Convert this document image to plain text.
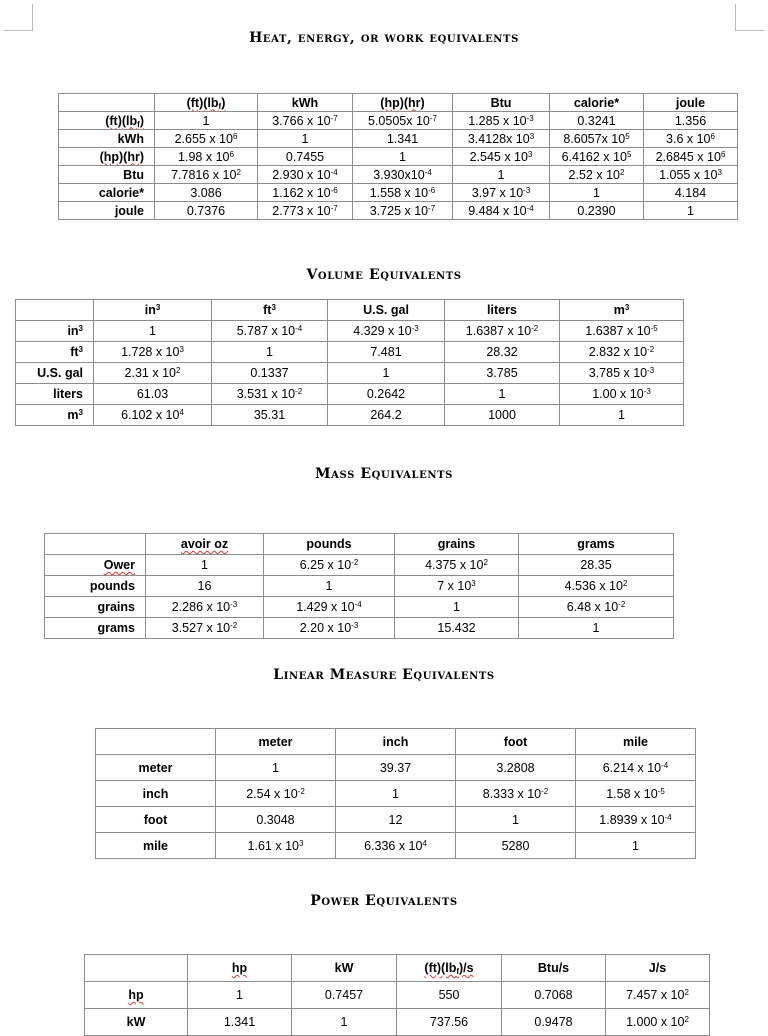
Heat, energy, or work equivalents
	$(ft)(lb_f)$	kWh	(hp)(hr)	Btu	calorie*	joule
$(ft)(lb_f)$	1	3.766 x $10^{-7}$	5.0505x $10^{-7}$	1.285 x $10^{-3}$	0.3241	1.356
kWh	2.655 x $10^6$	1	1.341	3.4128x $10^3$	8.6057x $10^5$	3.6 x $10^6$
(hp)(hr)	1.98 x $10^6$	0.7455	1	2.545 x $10^3$	6.4162 x $10^5$	2.6845 x $10^6$
Btu	7.7816 x $10^2$	2.930 x $10^{-4}$	$3.930x10^{-4}$	1	2.52 x $10^2$	1.055 x $10^3$
calorie*	3.086	1.162 x $10^{-6}$	1.558 x $10^{-6}$	3.97 x $10^{-3}$	1	4.184
joule	0.7376	2.773 x $10^{-7}$	3.725 x $10^{-7}$	9.484 x $10^{-4}$	0.2390	1
Volume Equivalents
	$in^3$	$ft^3$	U.S. gal	liters	$m^3$
$in^3$	1	5.787 x $10^{-4}$	4.329 x $10^{-3}$	1.6387 x $10^{-2}$	1.6387 x $10^{-5}$
$ft^3$	1.728 x $10^3$	1	7.481	28.32	2.832 x $10^{-2}$
U.S. gal	2.31 x $10^2$	0.1337	1	3.785	3.785 x $10^{-3}$
liters	61.03	3.531 x $10^{-2}$	0.2642	1	1.00 x $10^{-3}$
$m^3$	6.102 x $10^4$	35.31	264.2	1000	1
Mass Equivalents
	avoir oz	pounds	grains	grams
Ower	1	6.25 x $10^{-2}$	4.375 x $10^2$	28.35
pounds	16	1	7 x $10^3$	4.536 x $10^2$
grains	2.286 x $10^{-3}$	1.429 x $10^{-4}$	1	6.48 x $10^{-2}$
grams	3.527 x $10^{-2}$	2.20 x $10^{-3}$	15.432	1
Linear Measure Equivalents
	meter	inch	foot	mile
meter	1	39.37	3.2808	6.214 x $10^{-4}$
inch	2.54 x $10^{-2}$	1	8.333 x $10^{-2}$	1.58 x $10^{-5}$
foot	0.3048	12	1	1.8939 x $10^{-4}$
mile	1.61 x $10^3$	6.336 x $10^4$	5280	1
Power Equivalents
	hp	kW	$(ft)(lb_f)/s$	Btu/s	J/s
hp	1	0.7457	550	0.7068	7.457 x $10^2$
kW	1.341	1	737.56	0.9478	1.000 x $10^2$
